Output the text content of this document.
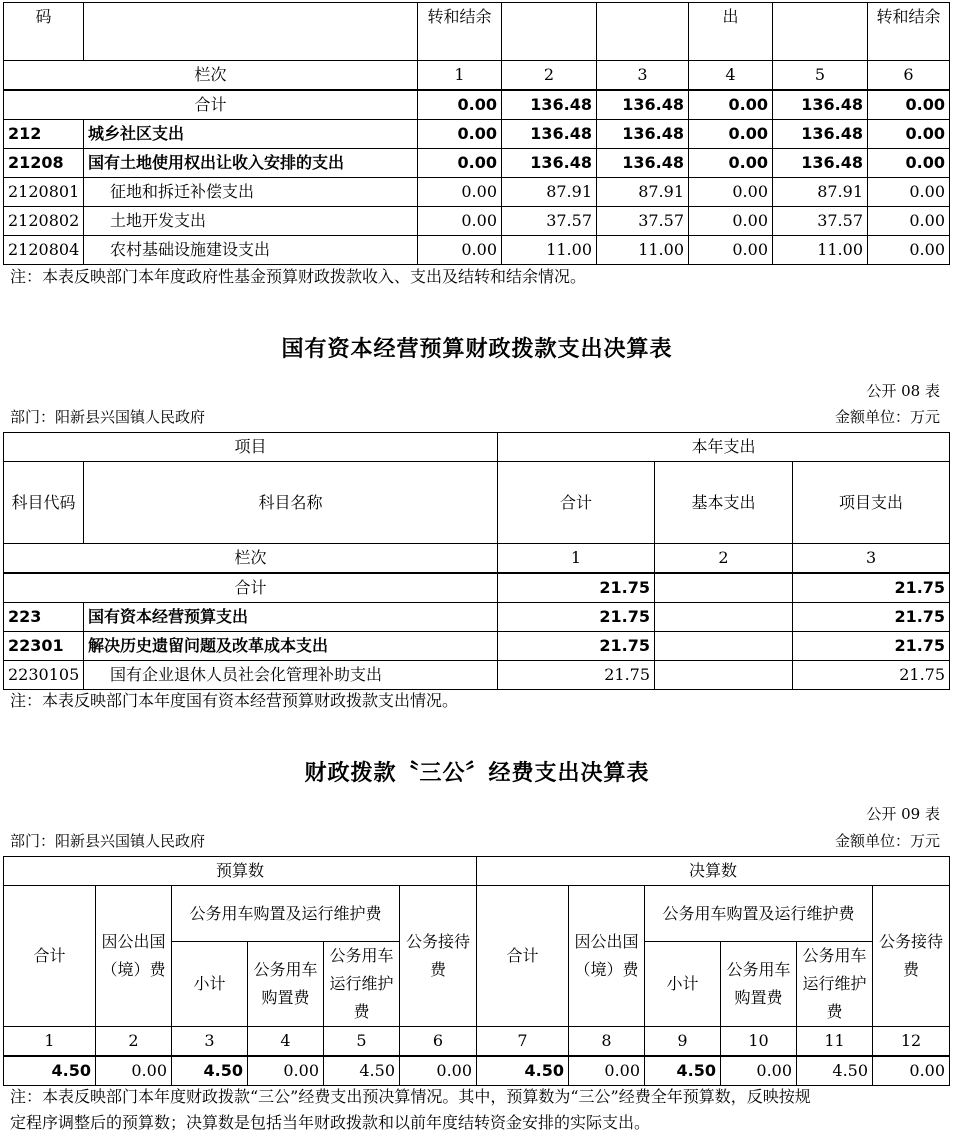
码		转和结余			出		转和结余
栏次		1	2	3	4	5	6
合计		0.00	136.48	136.48	0.00	136.48	0.00
212	城乡社区支出	0.00	136.48	136.48	0.00	136.48	0.00
21208	国有土地使用权出让收入安排的支出	0.00	136.48	136.48	0.00	136.48	0.00
2120801	征地和拆迁补偿支出	0.00	87.91	87.91	0.00	87.91	0.00
2120802	土地开发支出	0.00	37.57	37.57	0.00	37.57	0.00
2120804	农村基础设施建设支出	0.00	11.00	11.00	0.00	11.00	0.00
注：本表反映部门本年度政府性基金预算财政拨款收入、支出及结转和结余情况。
国有资本经营预算财政拨款支出决算表
公开 08 表
部门：阳新县兴国镇人民政府	金额单位：万元
项目		本年支出		
科目代码	科目名称	合计	基本支出	项目支出
栏次		1	2	3
合计		21.75		21.75
223	国有资本经营预算支出	21.75		21.75
22301	解决历史遗留问题及改革成本支出	21.75		21.75
2230105	国有企业退休人员社会化管理补助支出	21.75		21.75
注：本表反映部门本年度国有资本经营预算财政拨款支出情况。
财政拨款〝三公〞经费支出决算表
公开 09 表
部门：阳新县兴国镇人民政府	金额单位：万元
预算数						决算数					
合计	因公出国（境）费	公务用车购置及运行维护费			公务接待费	合计	因公出国（境）费	公务用车购置及运行维护费			公务接待费
		小计	公务用车购置费	公务用车运行维护费				小计	公务用车购置费	公务用车运行维护费	
1	2	3	4	5	6	7	8	9	10	11	12
4.50	0.00	4.50	0.00	4.50	0.00	4.50	0.00	4.50	0.00	4.50	0.00
注：本表反映部门本年度财政拨款“三公”经费支出预决算情况。其中，预算数为“三公”经费全年预算数，反映按规
定程序调整后的预算数；决算数是包括当年财政拨款和以前年度结转资金安排的实际支出。
